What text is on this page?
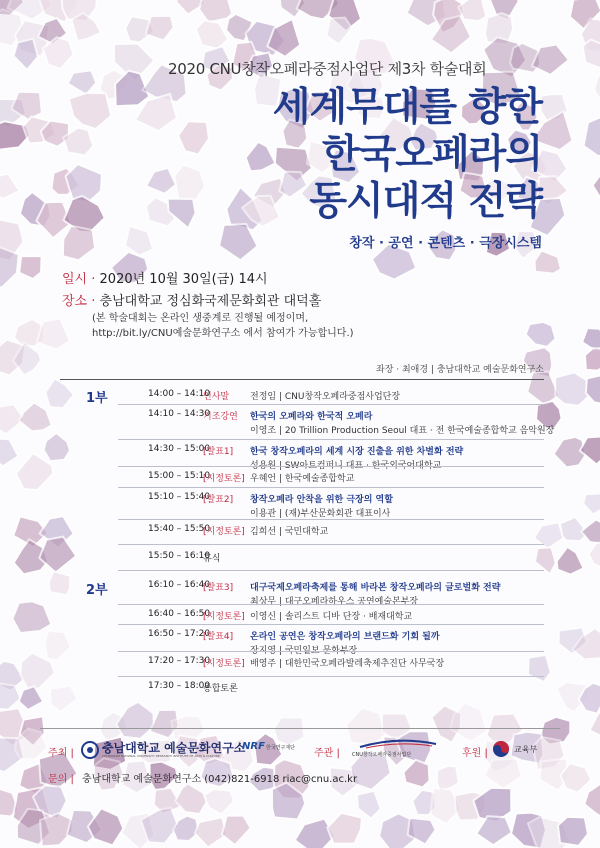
2020 CNU창작오페라중점사업단 제3차 학술대회
세계무대를 향한
한국오페라의
동시대적 전략
창작 · 공연 · 콘텐츠 · 극장시스템
일시 · 2020년 10월 30일(금) 14시
장소 · 충남대학교 정심화국제문화회관 대덕홀
(본 학술대회는 온라인 생중계로 진행될 예정이며,
http://bit.ly/CNU예술문화연구소 에서 참여가 가능합니다.)
좌장 · 최애경 | 충남대학교 예술문화연구소
1부
2부
14:00 – 14:10
인사말 전정임 | CNU창작오페라중점사업단장
14:10 – 14:30
기조강연 한국의 오페라와 한국적 오페라
이영조 | 20 Trillion Production Seoul 대표 · 전 한국예술종합학교 음악원장
14:30 – 15:00
[발표1] 한국 창작오페라의 세계 시장 진출을 위한 차별화 전략
성용원 | SW아트컴퍼니 대표 · 한국외국어대학교
15:00 – 15:10
[지정토론] 우혜언 | 한국예술종합학교
15:10 – 15:40
[발표2] 창작오페라 안착을 위한 극장의 역할
이용관 | (재)부산문화회관 대표이사
15:40 – 15:50
[지정토론] 김희선 | 국민대학교
15:50 – 16:10
휴식
16:10 – 16:40
[발표3] 대구국제오페라축제를 통해 바라본 창작오페라의 글로벌화 전략
최상무 | 대구오페라하우스 공연예술본부장
16:40 – 16:50
[지정토론] 이영신 | 솔리스트 디바 단장 · 배재대학교
16:50 – 17:20
[발표4] 온라인 공연은 창작오페라의 브랜드화 기회 될까
장지영 | 국민일보 문화부장
17:20 – 17:30
[지정토론] 배영주 | 대한민국오페라발레축제추진단 사무국장
17:30 – 18:00
종합토론
주최 | 충남대학교 예술문화연구소
CHUNGNAM NATIONAL UNIVERSITY RESEARCH INSTITUTE OF ARTS & CULTURE
NRF 한국연구재단 주관 | CNU창작오페라중점사업단	후원 |	교육부
문의 | 충남대학교 예술문화연구소 (042)821-6918 riac@cnu.ac.kr
